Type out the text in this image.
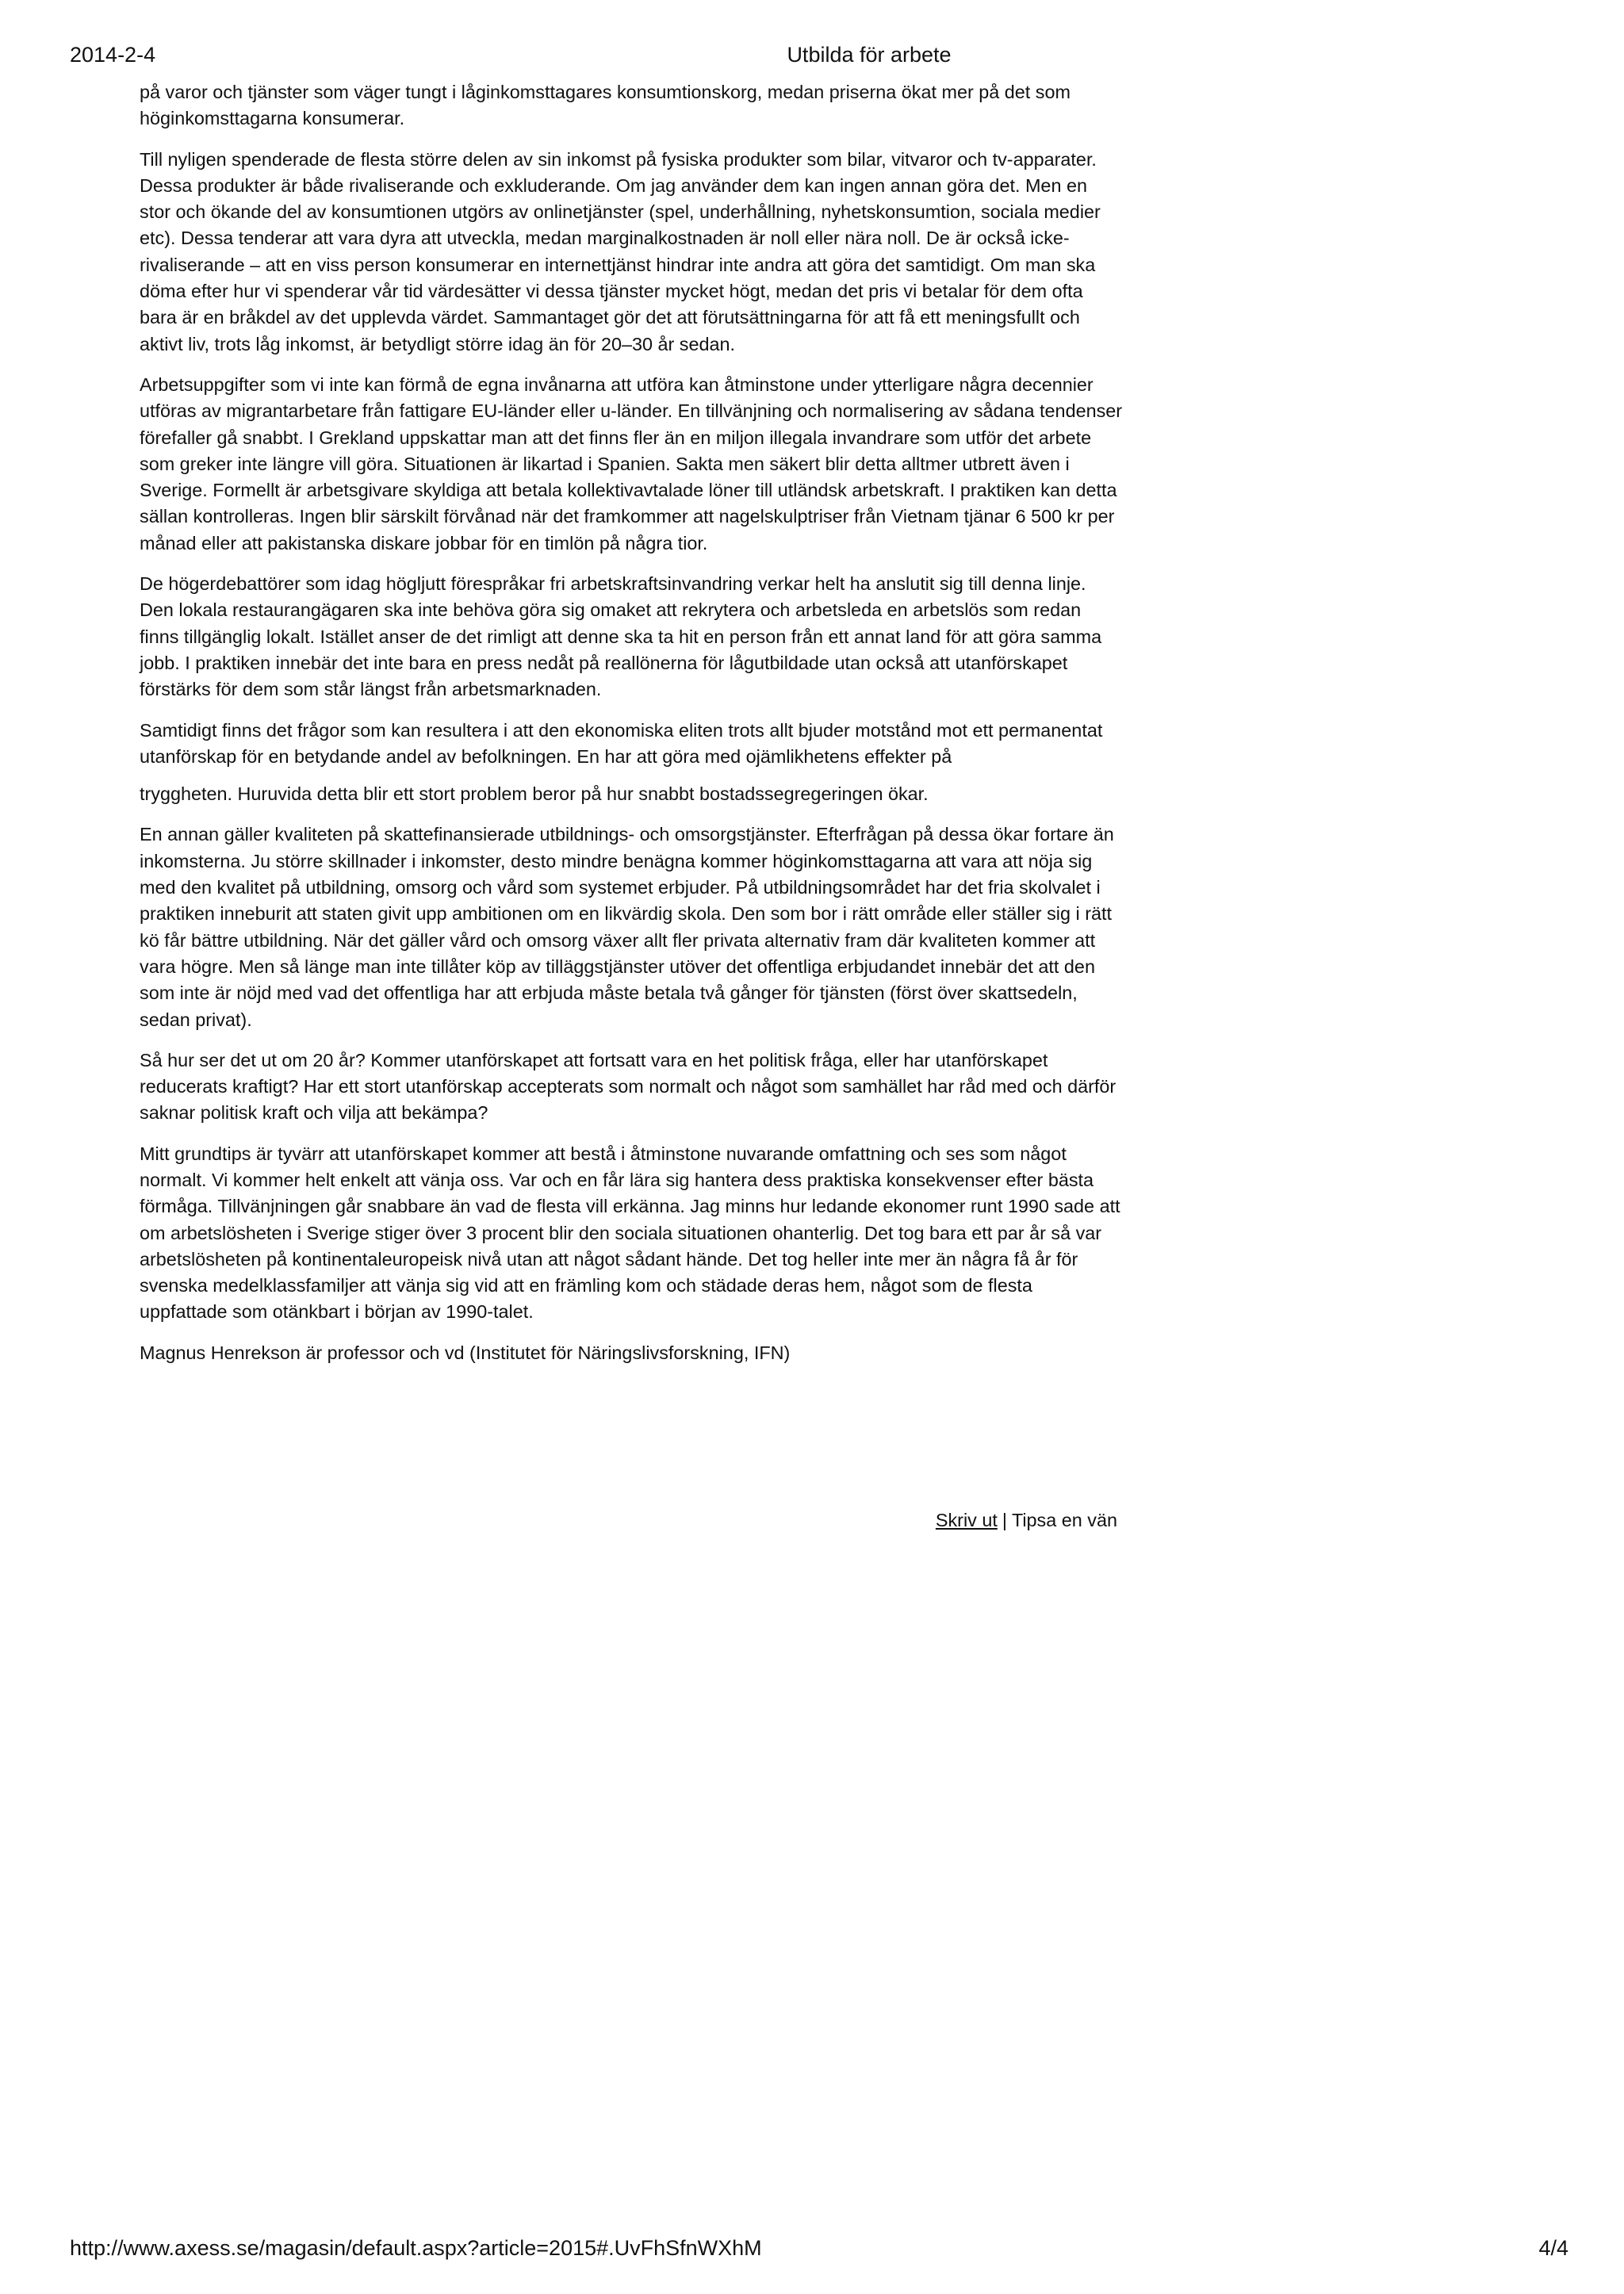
2014-2-4	Utbilda för arbete

på varor och tjänster som väger tungt i låginkomsttagares konsumtionskorg, medan priserna ökat mer på det som höginkomsttagarna konsumerar.

Till nyligen spenderade de flesta större delen av sin inkomst på fysiska produkter som bilar, vitvaror och tv-apparater. Dessa produkter är både rivaliserande och exkluderande. Om jag använder dem kan ingen annan göra det. Men en stor och ökande del av konsumtionen utgörs av onlinetjänster (spel, underhållning, nyhetskonsumtion, sociala medier etc). Dessa tenderar att vara dyra att utveckla, medan marginalkostnaden är noll eller nära noll. De är också icke-rivaliserande – att en viss person konsumerar en internettjänst hindrar inte andra att göra det samtidigt. Om man ska döma efter hur vi spenderar vår tid värdesätter vi dessa tjänster mycket högt, medan det pris vi betalar för dem ofta bara är en bråkdel av det upplevda värdet. Sammantaget gör det att förutsättningarna för att få ett meningsfullt och aktivt liv, trots låg inkomst, är betydligt större idag än för 20–30 år sedan.

Arbetsuppgifter som vi inte kan förmå de egna invånarna att utföra kan åtminstone under ytterligare några decennier utföras av migrantarbetare från fattigare EU-länder eller u-länder. En tillvänjning och normalisering av sådana tendenser förefaller gå snabbt. I Grekland uppskattar man att det finns fler än en miljon illegala invandrare som utför det arbete som greker inte längre vill göra. Situationen är likartad i Spanien. Sakta men säkert blir detta alltmer utbrett även i Sverige. Formellt är arbetsgivare skyldiga att betala kollektivavtalade löner till utländsk arbetskraft. I praktiken kan detta sällan kontrolleras. Ingen blir särskilt förvånad när det framkommer att nagelskulptriser från Vietnam tjänar 6 500 kr per månad eller att pakistanska diskare jobbar för en timlön på några tior.

De högerdebattörer som idag högljutt förespråkar fri arbetskraftsinvandring verkar helt ha anslutit sig till denna linje. Den lokala restaurangägaren ska inte behöva göra sig omaket att rekrytera och arbetsleda en arbetslös som redan finns tillgänglig lokalt. Istället anser de det rimligt att denne ska ta hit en person från ett annat land för att göra samma jobb. I praktiken innebär det inte bara en press nedåt på reallönerna för lågutbildade utan också att utanförskapet förstärks för dem som står längst från arbetsmarknaden.

Samtidigt finns det frågor som kan resultera i att den ekonomiska eliten trots allt bjuder motstånd mot ett permanentat utanförskap för en betydande andel av befolkningen. En har att göra med ojämlikhetens effekter på

tryggheten. Huruvida detta blir ett stort problem beror på hur snabbt bostadssegregeringen ökar.

En annan gäller kvaliteten på skattefinansierade utbildnings- och omsorgstjänster. Efterfrågan på dessa ökar fortare än inkomsterna. Ju större skillnader i inkomster, desto mindre benägna kommer höginkomsttagarna att vara att nöja sig med den kvalitet på utbildning, omsorg och vård som systemet erbjuder. På utbildningsområdet har det fria skolvalet i praktiken inneburit att staten givit upp ambitionen om en likvärdig skola. Den som bor i rätt område eller ställer sig i rätt kö får bättre utbildning. När det gäller vård och omsorg växer allt fler privata alternativ fram där kvaliteten kommer att vara högre. Men så länge man inte tillåter köp av tilläggstjänster utöver det offentliga erbjudandet innebär det att den som inte är nöjd med vad det offentliga har att erbjuda måste betala två gånger för tjänsten (först över skattsedeln, sedan privat).

Så hur ser det ut om 20 år? Kommer utanförskapet att fortsatt vara en het politisk fråga, eller har utanförskapet reducerats kraftigt? Har ett stort utanförskap accepterats som normalt och något som samhället har råd med och därför saknar politisk kraft och vilja att bekämpa?

Mitt grundtips är tyvärr att utanförskapet kommer att bestå i åtminstone nuvarande omfattning och ses som något normalt. Vi kommer helt enkelt att vänja oss. Var och en får lära sig hantera dess praktiska konsekvenser efter bästa förmåga. Tillvänjningen går snabbare än vad de flesta vill erkänna. Jag minns hur ledande ekonomer runt 1990 sade att om arbetslösheten i Sverige stiger över 3 procent blir den sociala situationen ohanterlig. Det tog bara ett par år så var arbetslösheten på kontinentaleuropeisk nivå utan att något sådant hände. Det tog heller inte mer än några få år för svenska medelklassfamiljer att vänja sig vid att en främling kom och städade deras hem, något som de flesta uppfattade som otänkbart i början av 1990-talet.

Magnus Henrekson är professor och vd (Institutet för Näringslivsforskning, IFN)

Skriv ut | Tipsa en vän
http://www.axess.se/magasin/default.aspx?article=2015#.UvFhSfnWXhM	4/4
